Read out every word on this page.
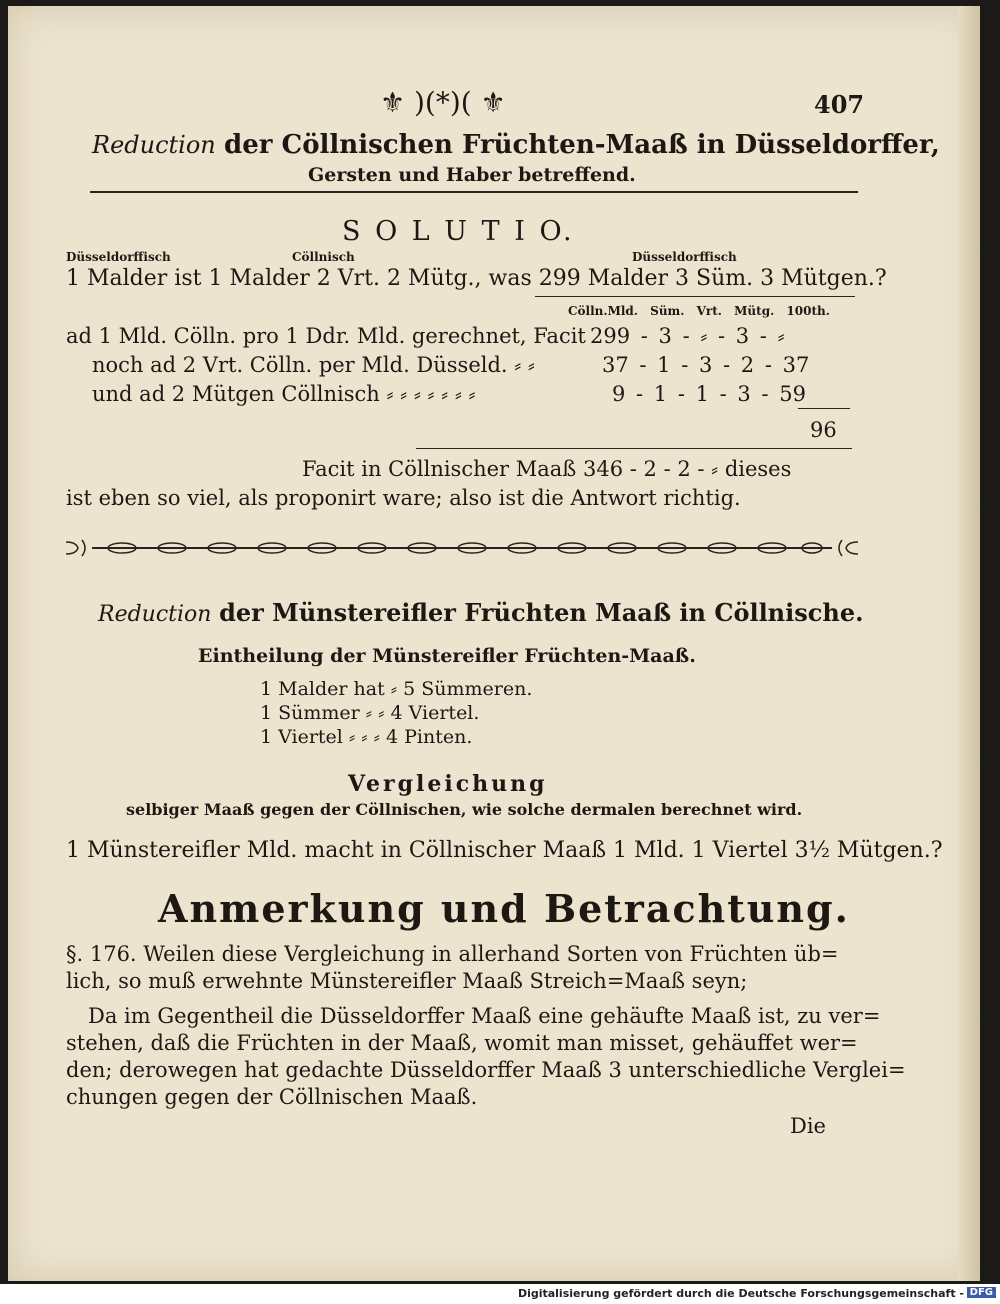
⚜ )(*)( ⚜	407
Reduction der Cöllnischen Früchten-Maaß in Düsseldorffer,
Gersten und Haber betreffend.
S O L U T I O.
Düsseldorffisch	Cöllnisch	Düsseldorffisch
1 Malder ist 1 Malder 2 Vrt. 2 Mütg., was 299 Malder 3 Süm. 3 Mütgen.?
Cölln.Mld. Süm. Vrt. Mütg. 100th.
ad 1 Mld. Cölln. pro 1 Ddr. Mld. gerechnet, Facit 299 - 3 - ⸗ - 3 - ⸗
noch ad 2 Vrt. Cölln. per Mld. Düsseld. ⸗ ⸗	37 - 1 - 3 - 2 - 37
und ad 2 Mütgen Cöllnisch ⸗ ⸗ ⸗ ⸗ ⸗ ⸗ ⸗	9 - 1 - 1 - 3 - 59
96
Facit in Cöllnischer Maaß 346 - 2 - 2 - ⸗ dieses
ist eben so viel, als proponirt ware; also ist die Antwort richtig.
Reduction der Münstereifler Früchten Maaß in Cöllnische.
Eintheilung der Münstereifler Früchten-Maaß.
1 Malder hat ⸗ 5 Sümmeren.
1 Sümmer ⸗ ⸗ 4 Viertel.
1 Viertel ⸗ ⸗ ⸗ 4 Pinten.
Vergleichung
selbiger Maaß gegen der Cöllnischen, wie solche dermalen berechnet wird.
1 Münstereifler Mld. macht in Cöllnischer Maaß 1 Mld. 1 Viertel 3½ Mütgen.?
Anmerkung und Betrachtung.
§. 176. Weilen diese Vergleichung in allerhand Sorten von Früchten üb=
lich, so muß erwehnte Münstereifler Maaß Streich=Maaß seyn;
Da im Gegentheil die Düsseldorffer Maaß eine gehäufte Maaß ist, zu ver=
stehen, daß die Früchten in der Maaß, womit man misset, gehäuffet wer=
den; derowegen hat gedachte Düsseldorffer Maaß 3 unterschiedliche Verglei=
chungen gegen der Cöllnischen Maaß.
Die
Digitalisierung gefördert durch die Deutsche Forschungsgemeinschaft - DFG
